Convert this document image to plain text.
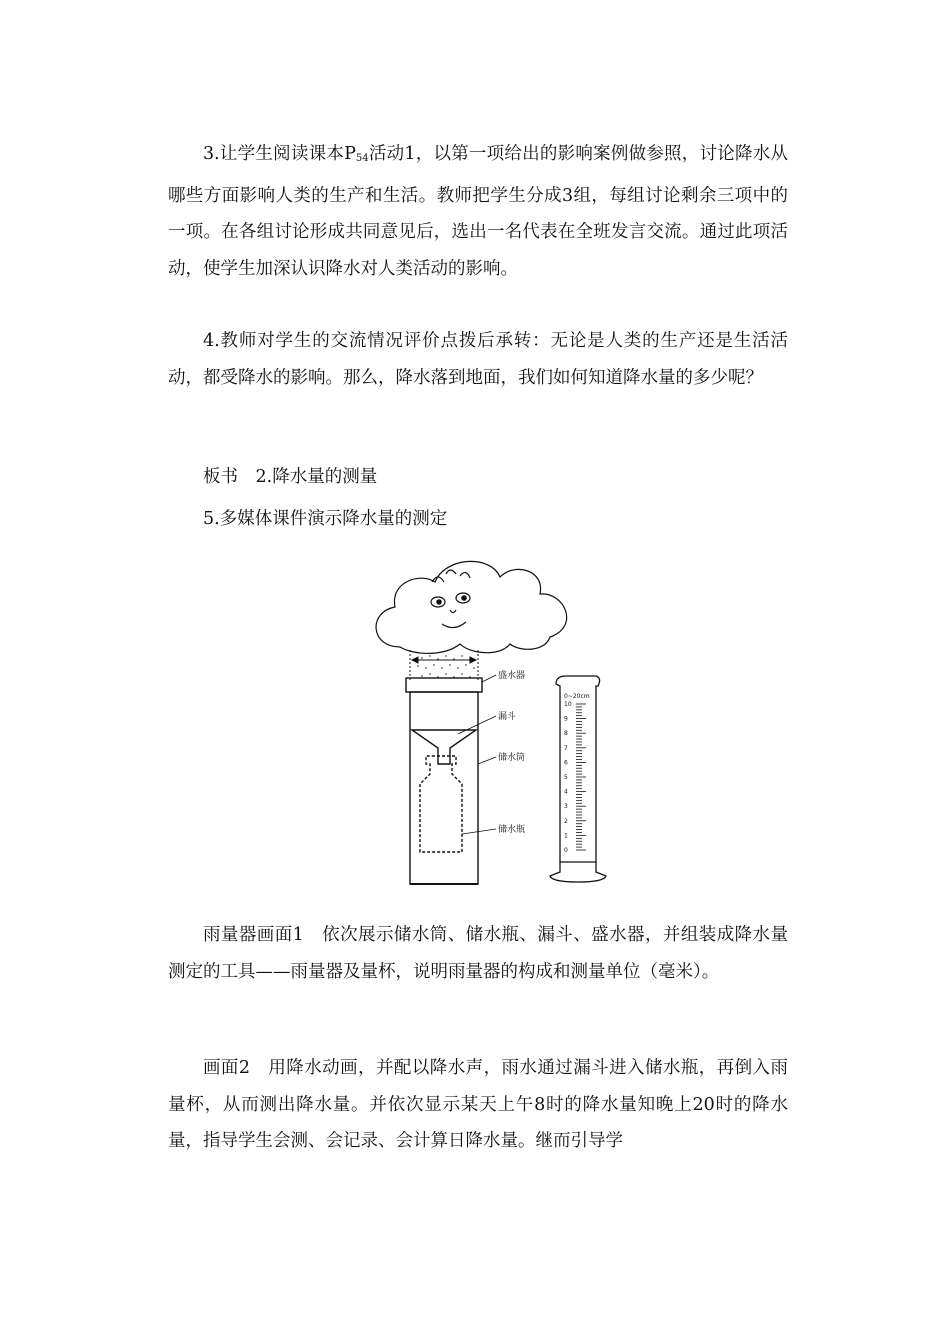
3.让学生阅读课本$P_{54}$活动1，以第一项给出的影响案例做参照，讨论降水从哪些方面影响人类的生产和生活。教师把学生分成3组，每组讨论剩余三项中的一项。在各组讨论形成共同意见后，选出一名代表在全班发言交流。通过此项活动，使学生加深认识降水对人类活动的影响。

4.教师对学生的交流情况评价点拨后承转：无论是人类的生产还是生活活动，都受降水的影响。那么，降水落到地面，我们如何知道降水量的多少呢？

板书　2.降水量的测量
5.多媒体课件演示降水量的测定
盛水器
漏斗
储水筒
储水瓶
0~20cm
10
9
8
7
6
5
4
3
2
1
0

雨量器画面1　依次展示储水筒、储水瓶、漏斗、盛水器，并组装成降水量测定的工具——雨量器及量杯，说明雨量器的构成和测量单位（毫米）。

画面2　用降水动画，并配以降水声，雨水通过漏斗进入储水瓶，再倒入雨量杯，从而测出降水量。并依次显示某天上午8时的降水量知晚上20时的降水量，指导学生会测、会记录、会计算日降水量。继而引导学
